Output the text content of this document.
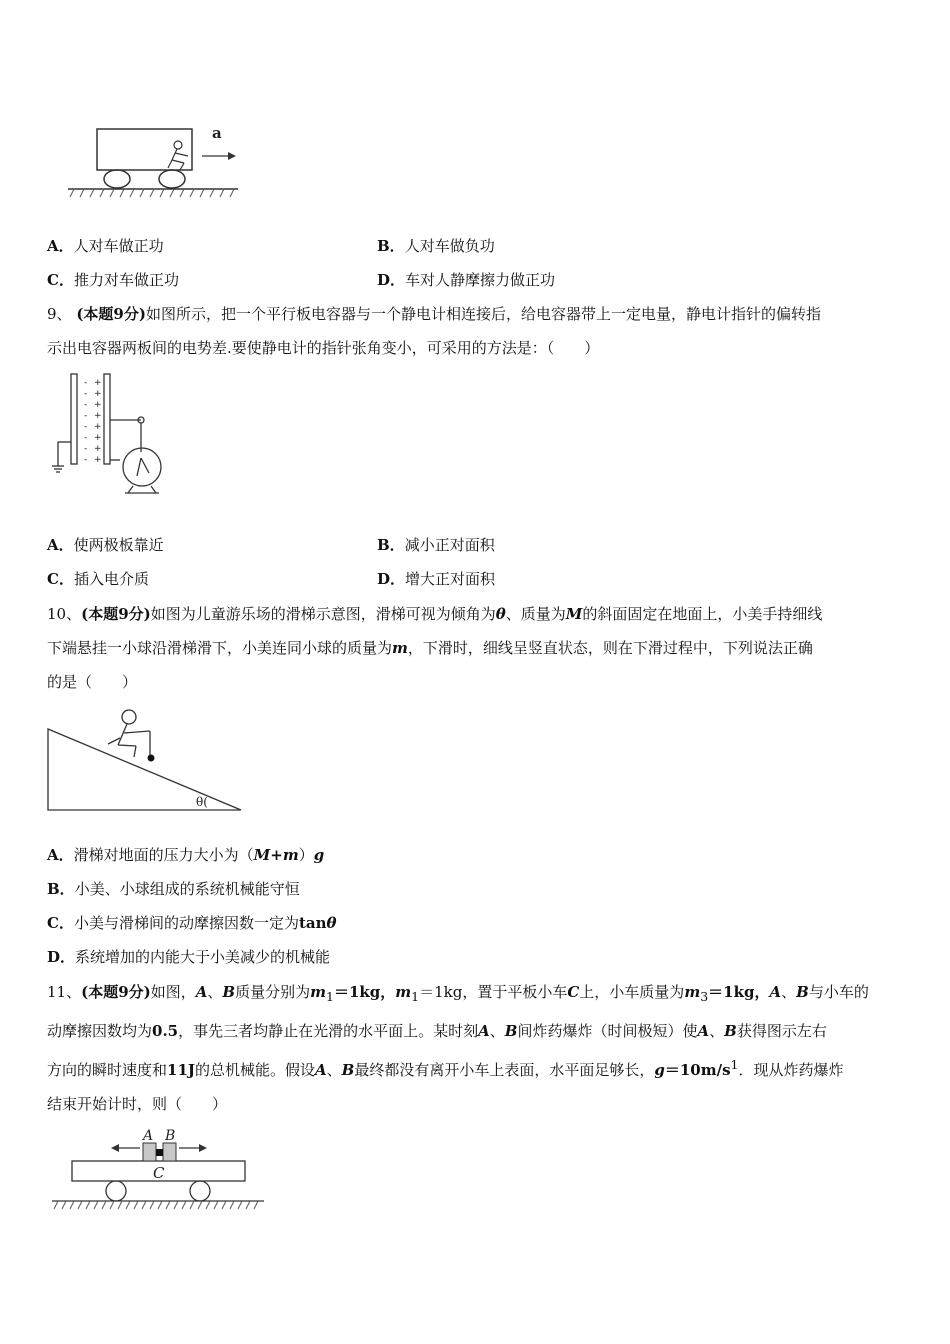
a
A．人对车做正功	B．人对车做负功
C．推力对车做正功	D．车对人静摩擦力做正功
9、 (本题9分)如图所示，把一个平行板电容器与一个静电计相连接后，给电容器带上一定电量，静电计指针的偏转指
示出电容器两板间的电势差.要使静电计的指针张角变小，可采用的方法是：（　　）
-
-
-
-
-
-
-
-
+
+
+
+
+
+
+
+
A．使两极板靠近	B．减小正对面积
C．插入电介质	D．增大正对面积
10、(本题9分)如图为儿童游乐场的滑梯示意图，滑梯可视为倾角为θ、质量为M的斜面固定在地面上，小美手持细线
下端悬挂一小球沿滑梯滑下，小美连同小球的质量为m，下滑时，细线呈竖直状态，则在下滑过程中，下列说法正确
的是（　　）
θ(
A．滑梯对地面的压力大小为（M+m）g
B．小美、小球组成的系统机械能守恒
C．小美与滑梯间的动摩擦因数一定为tanθ
D．系统增加的内能大于小美减少的机械能
11、(本题9分)如图，A、B质量分别为$m_1=1kg$，$m_1=1kg$，置于平板小车C上，小车质量为$m_3=1kg$，A、B与小车的
动摩擦因数均为0.5，事先三者均静止在光滑的水平面上。某时刻A、B间炸药爆炸（时间极短）使A、B获得图示左右
方向的瞬时速度和11J的总机械能。假设A、B最终都没有离开小车上表面，水平面足够长，$g=10m/s^1$．现从炸药爆炸
结束开始计时，则（　　）
A B
C
